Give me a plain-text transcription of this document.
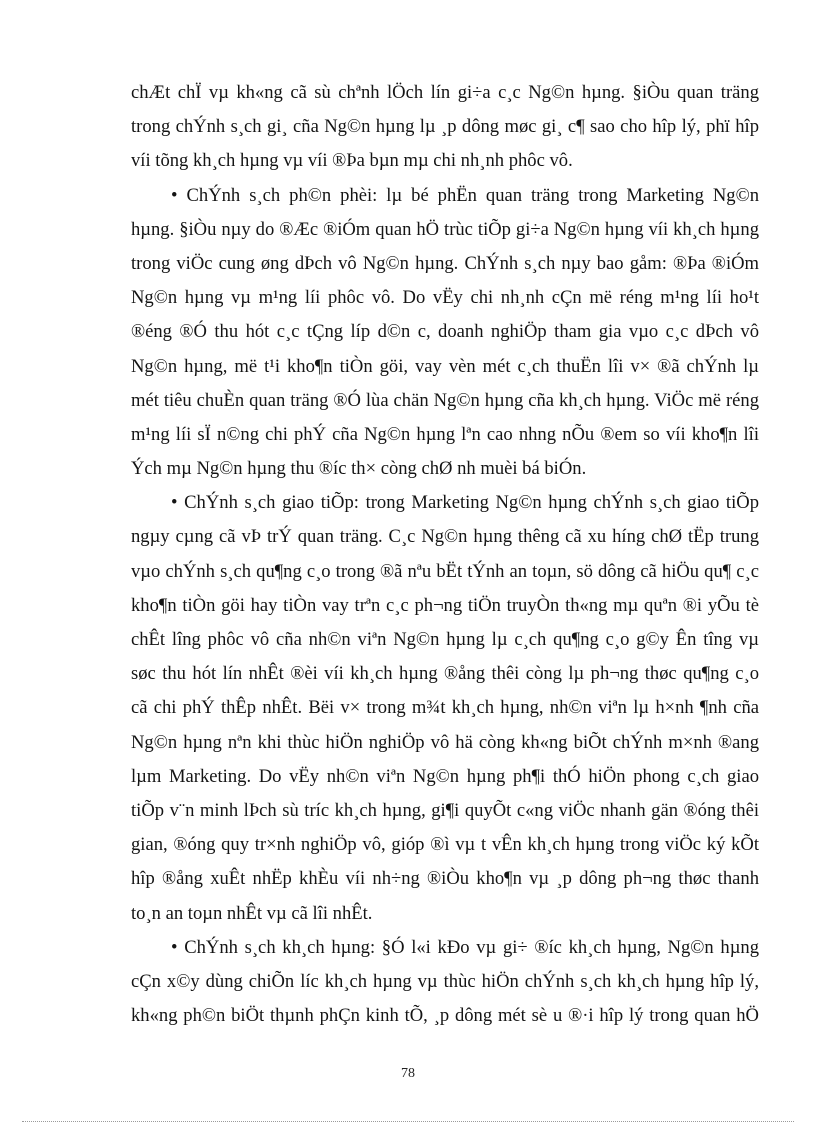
chÆt chÏ vµ kh«ng cã sù chªnh lÖch lín gi÷a c¸c Ng©n hµng. §iÒu quan träng
trong chÝnh s¸ch gi¸ cña Ng©n hµng lµ ¸p dông møc gi¸ c¶ sao cho hîp lý, phï hîp
víi tõng kh¸ch hµng vµ víi ®Þa bµn mµ chi nh¸nh phôc vô.
• ChÝnh s¸ch ph©n phèi: lµ bé phËn quan träng trong Marketing Ng©n
hµng. §iÒu nµy do ®Æc ®iÓm quan hÖ trùc tiÕp gi÷a Ng©n hµng víi kh¸ch hµng
trong viÖc cung øng dÞch vô Ng©n hµng. ChÝnh s¸ch nµy bao gåm: ®Þa ®iÓm
Ng©n hµng vµ m¹ng líi phôc vô. Do vËy chi nh¸nh cÇn më réng m¹ng líi ho¹t
®éng ®Ó thu hót c¸c tÇng líp d©n c, doanh nghiÖp tham gia vµo c¸c dÞch vô
Ng©n hµng, më t¹i kho¶n tiÒn göi, vay vèn mét c¸ch thuËn lîi v× ®ã chÝnh lµ
mét tiêu chuÈn quan träng ®Ó lùa chän Ng©n hµng cña kh¸ch hµng. ViÖc më réng
m¹ng líi sÏ n©ng chi phÝ cña Ng©n hµng lªn cao nhng nÕu ®em so víi kho¶n lîi
Ých mµ Ng©n hµng thu ®íc th× còng chØ nh muèi bá biÓn.
• ChÝnh s¸ch giao tiÕp: trong Marketing Ng©n hµng chÝnh s¸ch giao tiÕp
ngµy cµng cã vÞ trÝ quan träng. C¸c Ng©n hµng thêng cã xu híng chØ tËp trung
vµo chÝnh s¸ch qu¶ng c¸o trong ®ã nªu bËt tÝnh an toµn, sö dông cã hiÖu qu¶ c¸c
kho¶n tiÒn göi hay tiÒn vay trªn c¸c ph¬ng tiÖn truyÒn th«ng mµ quªn ®i yÕu tè
chÊt lîng phôc vô cña nh©n viªn Ng©n hµng lµ c¸ch qu¶ng c¸o g©y Ên tîng vµ
søc thu hót lín nhÊt ®èi víi kh¸ch hµng ®ång thêi còng lµ ph¬ng thøc qu¶ng c¸o
cã chi phÝ thÊp nhÊt. Bëi v× trong m¾t kh¸ch hµng, nh©n viªn lµ h×nh ¶nh cña
Ng©n hµng nªn khi thùc hiÖn nghiÖp vô hä còng kh«ng biÕt chÝnh m×nh ®ang
lµm Marketing. Do vËy nh©n viªn Ng©n hµng ph¶i thÓ hiÖn phong c¸ch giao
tiÕp v¨n minh lÞch sù tríc kh¸ch hµng, gi¶i quyÕt c«ng viÖc nhanh gän ®óng thêi
gian, ®óng quy tr×nh nghiÖp vô, gióp ®ì vµ t vÊn kh¸ch hµng trong viÖc ký kÕt
hîp ®ång xuÊt nhËp khÈu víi nh÷ng ®iÒu kho¶n vµ ¸p dông ph¬ng thøc thanh
to¸n an toµn nhÊt vµ cã lîi nhÊt.
• ChÝnh s¸ch kh¸ch hµng: §Ó l«i kÐo vµ gi÷ ®íc kh¸ch hµng, Ng©n hµng
cÇn x©y dùng chiÕn líc kh¸ch hµng vµ thùc hiÖn chÝnh s¸ch kh¸ch hµng hîp lý,
kh«ng ph©n biÖt thµnh phÇn kinh tÕ, ¸p dông mét sè u ®·i hîp lý trong quan hÖ
78
